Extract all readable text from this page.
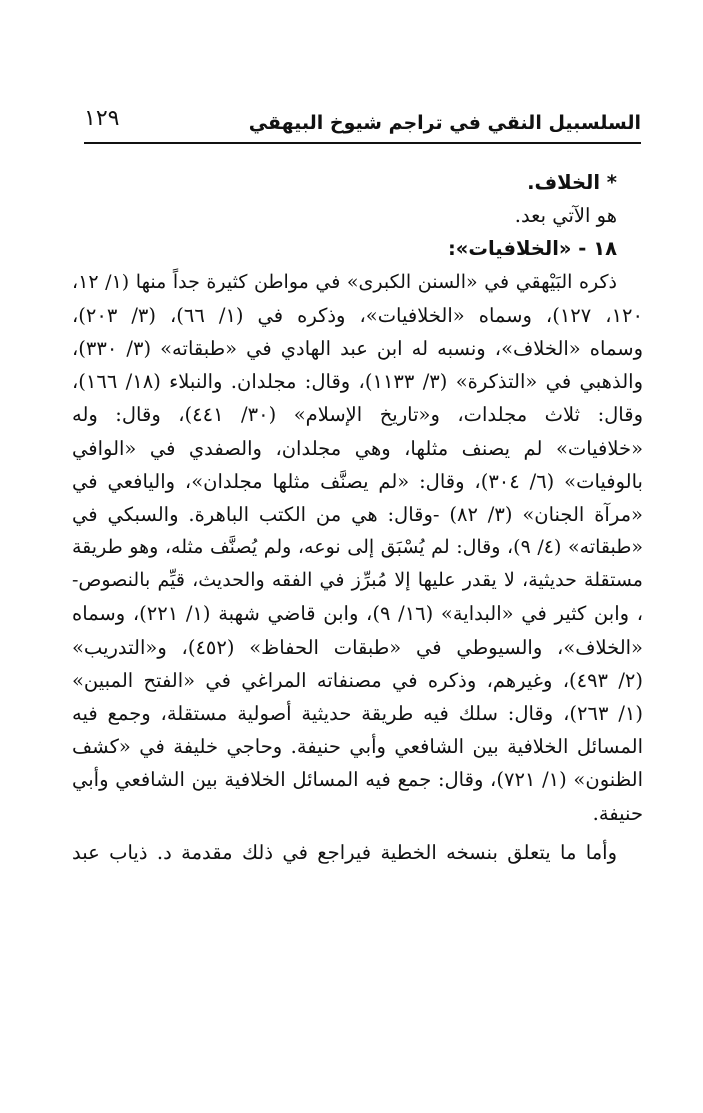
السلسبيل النقي في تراجم شيوخ البيهقي
١٢٩
* الخلاف.
هو الآتي بعد.
١٨ - «الخلافيات»:
ذكره البَيْهقي في «السنن الكبرى» في مواطن كثيرة جداً منها (١/ ١٢،
١٢٠، ١٢٧)، وسماه «الخلافيات»، وذكره في (١/ ٦٦)، (٣/ ٢٠٣)،
وسماه «الخلاف»، ونسبه له ابن عبد الهادي في «طبقاته» (٣/ ٣٣٠)،
والذهبي في «التذكرة» (٣/ ١١٣٣)، وقال: مجلدان. والنبلاء (١٨/ ١٦٦)،
وقال: ثلاث مجلدات، و«تاريخ الإسلام» (٣٠/ ٤٤١)، وقال: وله
«خلافيات» لم يصنف مثلها، وهي مجلدان، والصفدي في «الوافي
بالوفيات» (٦/ ٣٠٤)، وقال: «لم يصنَّف مثلها مجلدان»، واليافعي في
«مرآة الجنان» (٣/ ٨٢) -وقال: هي من الكتب الباهرة. والسبكي في
«طبقاته» (٤/ ٩)، وقال: لم يُسْبَق إلى نوعه، ولم يُصنَّف مثله، وهو طريقة
مستقلة حديثية، لا يقدر عليها إلا مُبرِّز في الفقه والحديث، قيِّم بالنصوص-
، وابن كثير في «البداية» (١٦/ ٩)، وابن قاضي شهبة (١/ ٢٢١)، وسماه
«الخلاف»، والسيوطي في «طبقات الحفاظ» (٤٥٢)، و«التدريب»
(٢/ ٤٩٣)، وغيرهم، وذكره في مصنفاته المراغي في «الفتح المبين»
(١/ ٢٦٣)، وقال: سلك فيه طريقة حديثية أصولية مستقلة، وجمع فيه
المسائل الخلافية بين الشافعي وأبي حنيفة. وحاجي خليفة في «كشف
الظنون» (١/ ٧٢١)، وقال: جمع فيه المسائل الخلافية بين الشافعي وأبي
حنيفة.
وأما ما يتعلق بنسخه الخطية فيراجع في ذلك مقدمة د. ذياب عبد
